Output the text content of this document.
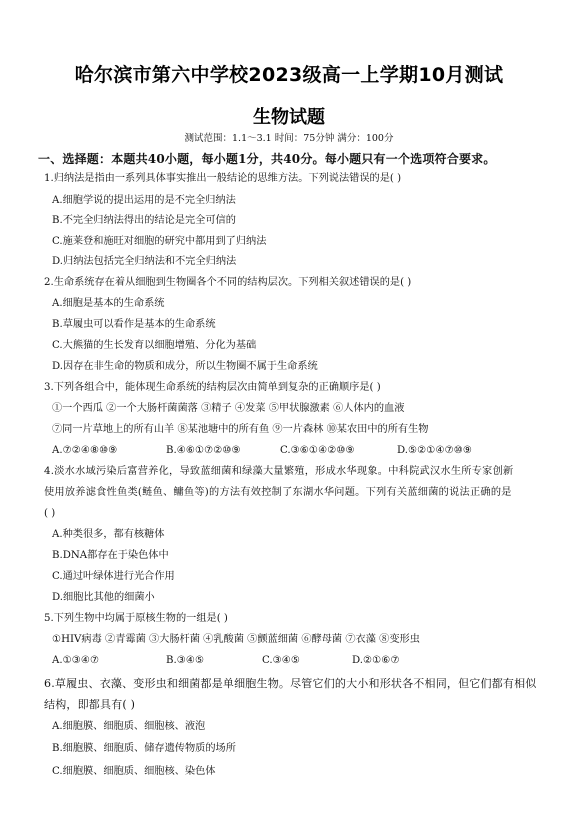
哈尔滨市第六中学校2023级高一上学期10月测试
生物试题
测试范围：1.1～3.1 时间：75分钟 满分：100分
一、选择题：本题共40小题，每小题1分，共40分。每小题只有一个选项符合要求。
1.归纳法是指由一系列具体事实推出一般结论的思维方法。下列说法错误的是( )
A.细胞学说的提出运用的是不完全归纳法
B.不完全归纳法得出的结论是完全可信的
C.施莱登和施旺对细胞的研究中都用到了归纳法
D.归纳法包括完全归纳法和不完全归纳法
2.生命系统存在着从细胞到生物圈各个不同的结构层次。下列相关叙述错误的是( )
A.细胞是基本的生命系统
B.草履虫可以看作是基本的生命系统
C.大熊猫的生长发育以细胞增殖、分化为基础
D.因存在非生命的物质和成分，所以生物圈不属于生命系统
3.下列各组合中，能体现生命系统的结构层次由简单到复杂的正确顺序是( )
①一个西瓜 ②一个大肠杆菌菌落 ③精子 ④发菜 ⑤甲状腺激素 ⑥人体内的血液
⑦同一片草地上的所有山羊 ⑧某池塘中的所有鱼 ⑨一片森林 ⑩某农田中的所有生物
A.⑦②④⑧⑩⑨	B.④⑥①⑦②⑩⑨	C.③⑥①④②⑩⑨	D.⑤②①④⑦⑩⑨
4.淡水水域污染后富营养化，导致蓝细菌和绿藻大量繁殖，形成水华现象。中科院武汉水生所专家创新
使用放养滤食性鱼类(鲢鱼、鳙鱼等)的方法有效控制了东湖水华问题。下列有关蓝细菌的说法正确的是
( )
A.种类很多，都有核糖体
B.DNA都存在于染色体中
C.通过叶绿体进行光合作用
D.细胞比其他的细菌小
5.下列生物中均属于原核生物的一组是( )
①HIV病毒 ②青霉菌 ③大肠杆菌 ④乳酸菌 ⑤颤蓝细菌 ⑥酵母菌 ⑦衣藻 ⑧变形虫
A.①③④⑦	B.③④⑤	C.③④⑤	D.②①⑥⑦
6.草履虫、衣藻、变形虫和细菌都是单细胞生物。尽管它们的大小和形状各不相同，但它们都有相似
结构，即都具有( )
A.细胞膜、细胞质、细胞核、液泡
B.细胞膜、细胞质、储存遗传物质的场所
C.细胞膜、细胞质、细胞核、染色体
